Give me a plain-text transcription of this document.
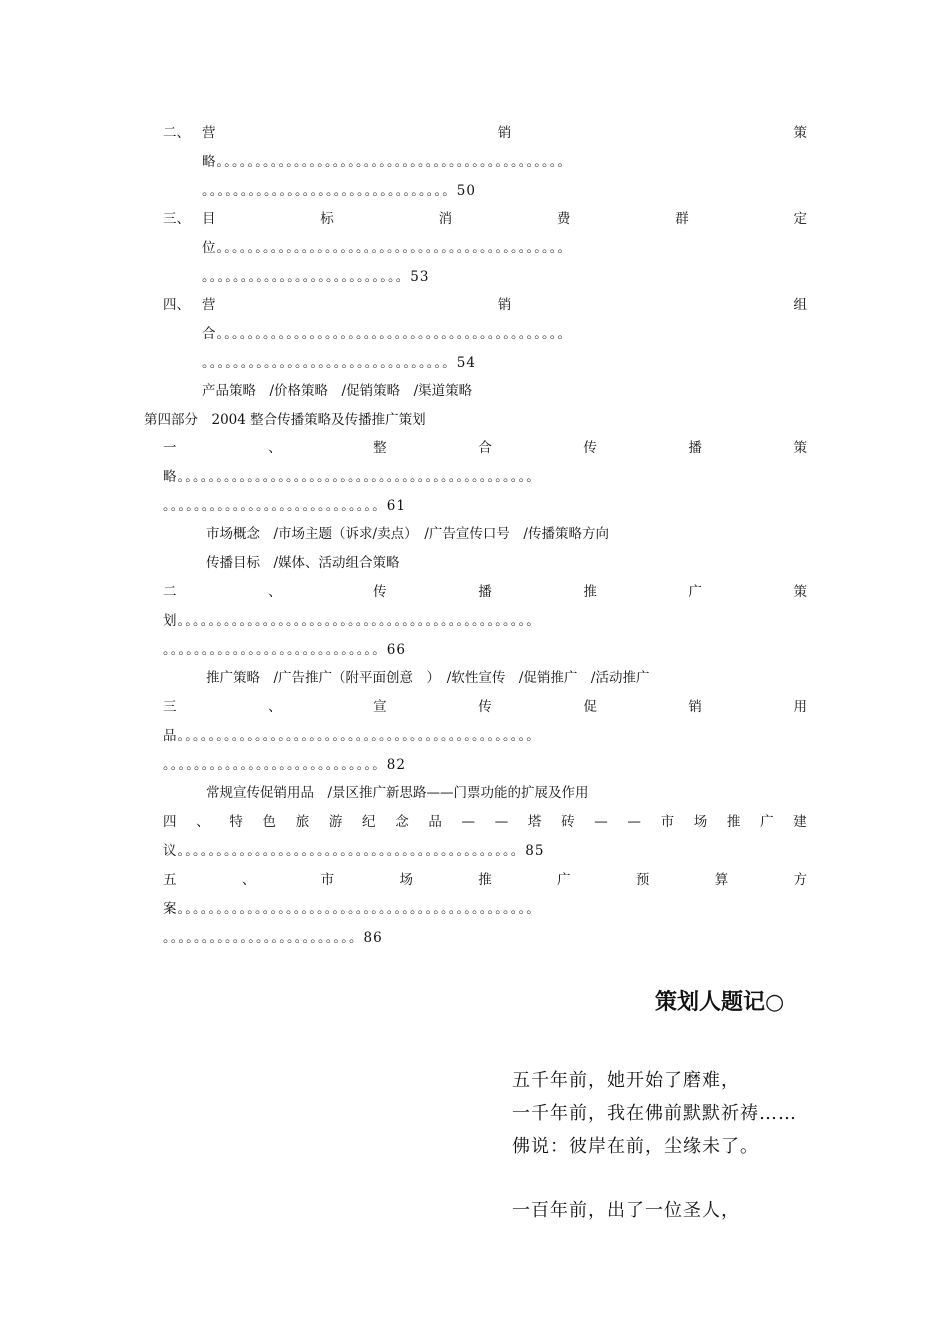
二、 营	销	策
略。。。。。。。。。。。。。。。。。。。。。。。。。。。。。。。。。。。。。。。。。。。。。
。。。。。。。。。。。。。。。。。。。。。。。。。。。。。。。。50
三、 目	标	消	费	群	定
位。。。。。。。。。。。。。。。。。。。。。。。。。。。。。。。。。。。。。。。。。。。。。
。。。。。。。。。。。。。。。。。。。。。。。。。。53
四、 营	销	组
合。。。。。。。。。。。。。。。。。。。。。。。。。。。。。。。。。。。。。。。。。。。。。
。。。。。。。。。。。。。。。。。。。。。。。。。。。。。。。。54
产品策略　/价格策略　/促销策略　/渠道策略
第四部分　2004 整合传播策略及传播推广策划
一	、	整	合	传	播	策
略。。。。。。。。。。。。。。。。。。。。。。。。。。。。。。。。。。。。。。。。。。。。。。
。。。。。。。。。。。。。。。。。。。。。。。。。。。。61
市场概念　/市场主题（诉求/卖点）　/广告宣传口号　/传播策略方向
传播目标　/媒体、活动组合策略
二	、	传	播	推	广	策
划。。。。。。。。。。。。。。。。。。。。。。。。。。。。。。。。。。。。。。。。。。。。。。
。。。。。。。。。。。。。。。。。。。。。。。。。。。。66
推广策略　/广告推广（附平面创意　）　/软性宣传　/促销推广　/活动推广
三	、	宣	传	促	销	用
品。。。。。。。。。。。。。。。。。。。。。。。。。。。。。。。。。。。。。。。。。。。。。。
。。。。。。。。。。。。。。。。。。。。。。。。。。。。82
常规宣传促销用品　/景区推广新思路——门票功能的扩展及作用
四 、 特 色 旅 游 纪 念 品 — — 塔 砖 — — 市 场 推 广 建
议。。。。。。。。。。。。。。。。。。。。。。。。。。。。。。。。。。。。。。。。。。。。85
五	、	市	场	推	广	预	算	方
案。。。。。。。。。。。。。。。。。。。。。。。。。。。。。。。。。。。。。。。。。。。。。。
。。。。。。。。。。。。。。。。。。。。。。。。。86
策划人题记○
五千年前，她开始了磨难，
一千年前，我在佛前默默祈祷……
佛说：彼岸在前，尘缘未了。
一百年前，出了一位圣人，
